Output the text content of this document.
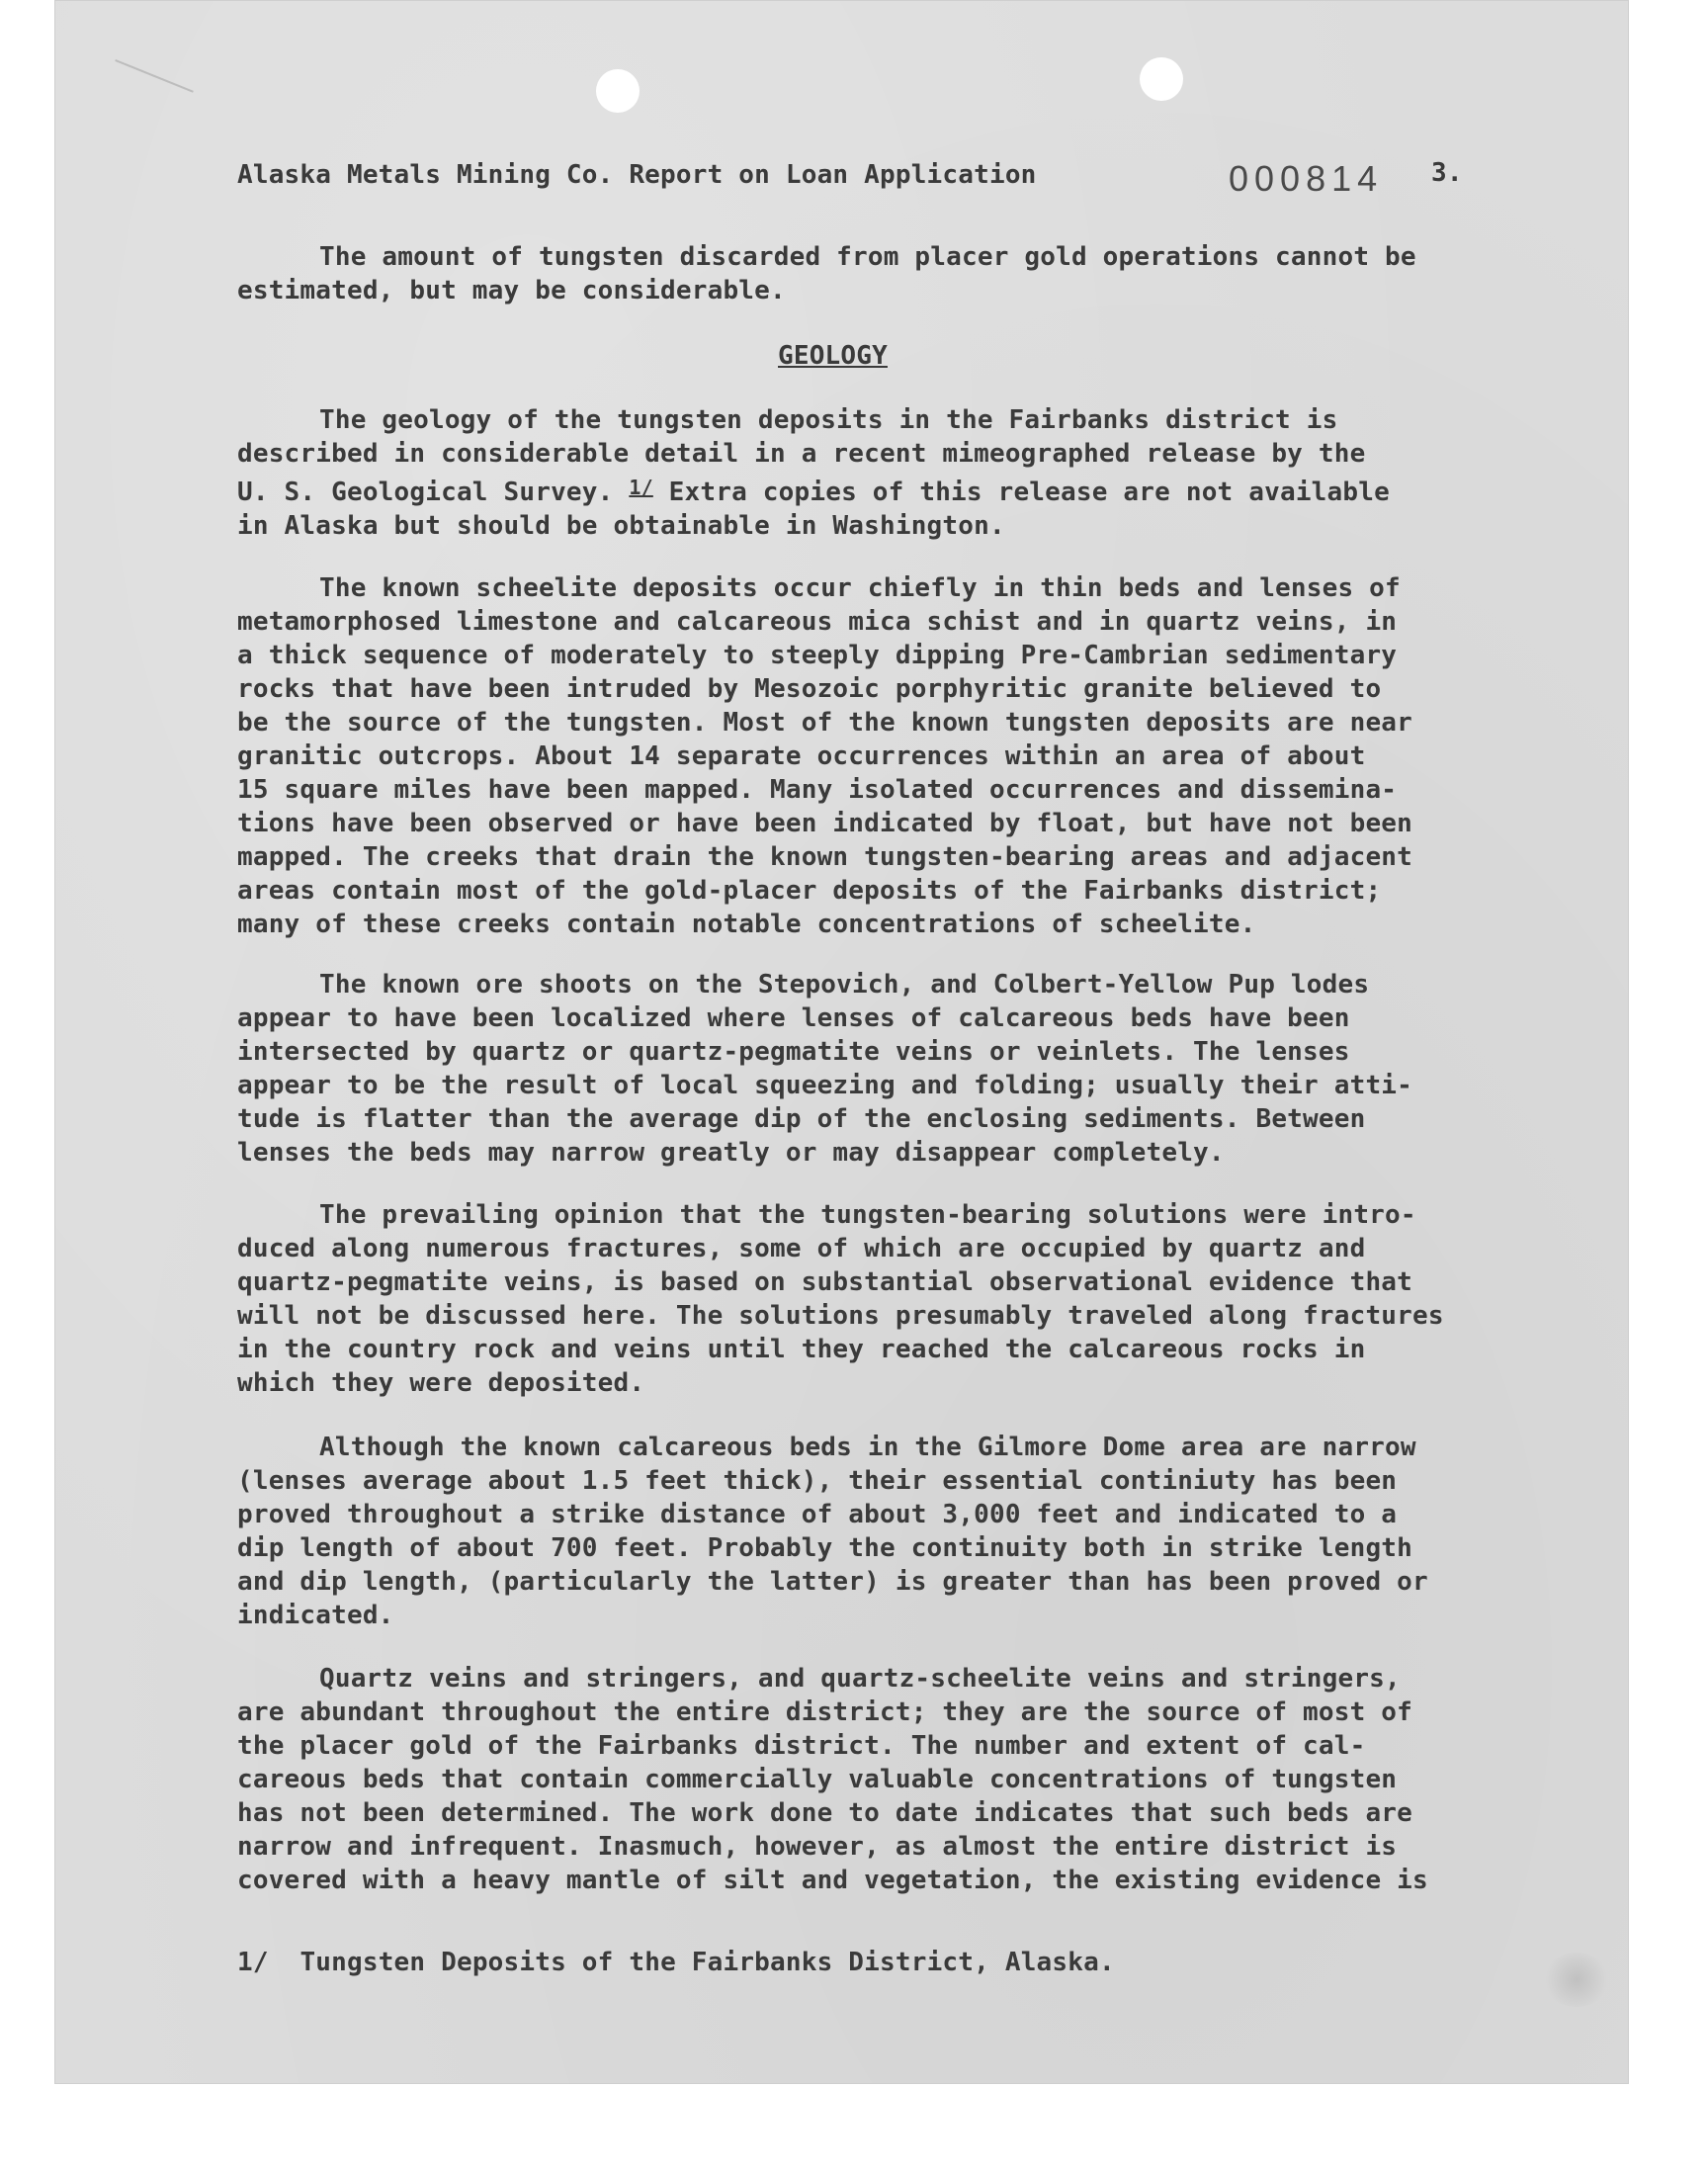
Alaska Metals Mining Co. Report on Loan Application	000814 3.
The amount of tungsten discarded from placer gold operations cannot be
estimated, but may be considerable.
GEOLOGY
The geology of the tungsten deposits in the Fairbanks district is
described in considerable detail in a recent mimeographed release by the
U. S. Geological Survey. $^{1/}$ Extra copies of this release are not available
in Alaska but should be obtainable in Washington.
The known scheelite deposits occur chiefly in thin beds and lenses of
metamorphosed limestone and calcareous mica schist and in quartz veins, in
a thick sequence of moderately to steeply dipping Pre-Cambrian sedimentary
rocks that have been intruded by Mesozoic porphyritic granite believed to
be the source of the tungsten. Most of the known tungsten deposits are near
granitic outcrops. About 14 separate occurrences within an area of about
15 square miles have been mapped. Many isolated occurrences and dissemina-
tions have been observed or have been indicated by float, but have not been
mapped. The creeks that drain the known tungsten-bearing areas and adjacent
areas contain most of the gold-placer deposits of the Fairbanks district;
many of these creeks contain notable concentrations of scheelite.
The known ore shoots on the Stepovich, and Colbert-Yellow Pup lodes
appear to have been localized where lenses of calcareous beds have been
intersected by quartz or quartz-pegmatite veins or veinlets. The lenses
appear to be the result of local squeezing and folding; usually their atti-
tude is flatter than the average dip of the enclosing sediments. Between
lenses the beds may narrow greatly or may disappear completely.
The prevailing opinion that the tungsten-bearing solutions were intro-
duced along numerous fractures, some of which are occupied by quartz and
quartz-pegmatite veins, is based on substantial observational evidence that
will not be discussed here. The solutions presumably traveled along fractures
in the country rock and veins until they reached the calcareous rocks in
which they were deposited.
Although the known calcareous beds in the Gilmore Dome area are narrow
(lenses average about 1.5 feet thick), their essential continiuty has been
proved throughout a strike distance of about 3,000 feet and indicated to a
dip length of about 700 feet. Probably the continuity both in strike length
and dip length, (particularly the latter) is greater than has been proved or
indicated.
Quartz veins and stringers, and quartz-scheelite veins and stringers,
are abundant throughout the entire district; they are the source of most of
the placer gold of the Fairbanks district. The number and extent of cal-
careous beds that contain commercially valuable concentrations of tungsten
has not been determined. The work done to date indicates that such beds are
narrow and infrequent. Inasmuch, however, as almost the entire district is
covered with a heavy mantle of silt and vegetation, the existing evidence is
1/ Tungsten Deposits of the Fairbanks District, Alaska.
